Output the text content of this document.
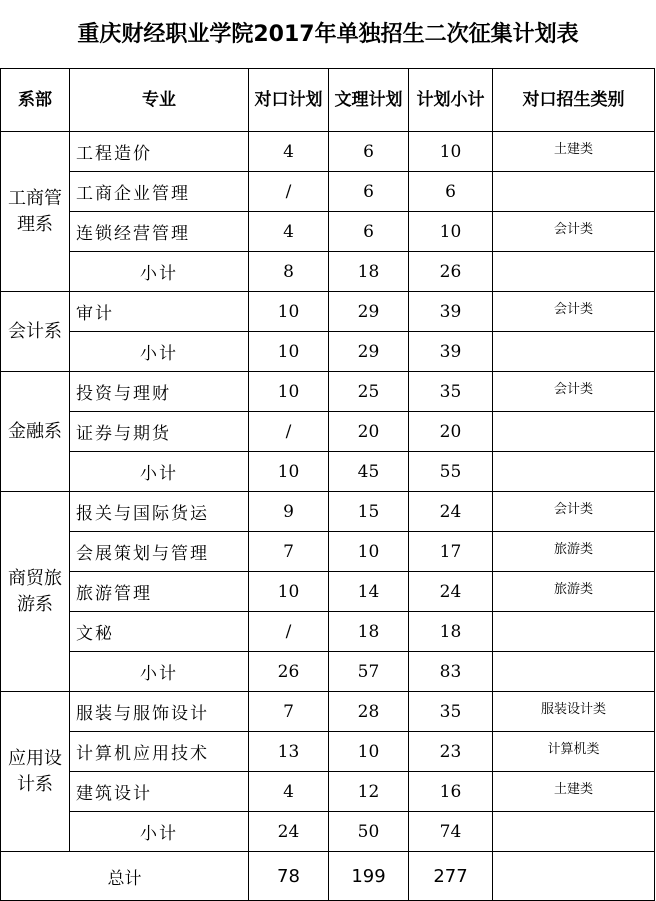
重庆财经职业学院2017年单独招生二次征集计划表
系部	专业	对口计划	文理计划	计划小计	对口招生类别
工商管理系	工程造价	4	6	10	土建类
	工商企业管理	/	6	6	
	连锁经营管理	4	6	10	会计类
	小计	8	18	26	
会计系	审计	10	29	39	会计类
	小计	10	29	39	
金融系	投资与理财	10	25	35	会计类
	证券与期货	/	20	20	
	小计	10	45	55	
商贸旅游系	报关与国际货运	9	15	24	会计类
	会展策划与管理	7	10	17	旅游类
	旅游管理	10	14	24	旅游类
	文秘	/	18	18	
	小计	26	57	83	
应用设计系	服装与服饰设计	7	28	35	服装设计类
	计算机应用技术	13	10	23	计算机类
	建筑设计	4	12	16	土建类
	小计	24	50	74	
总计		78	199	277	
